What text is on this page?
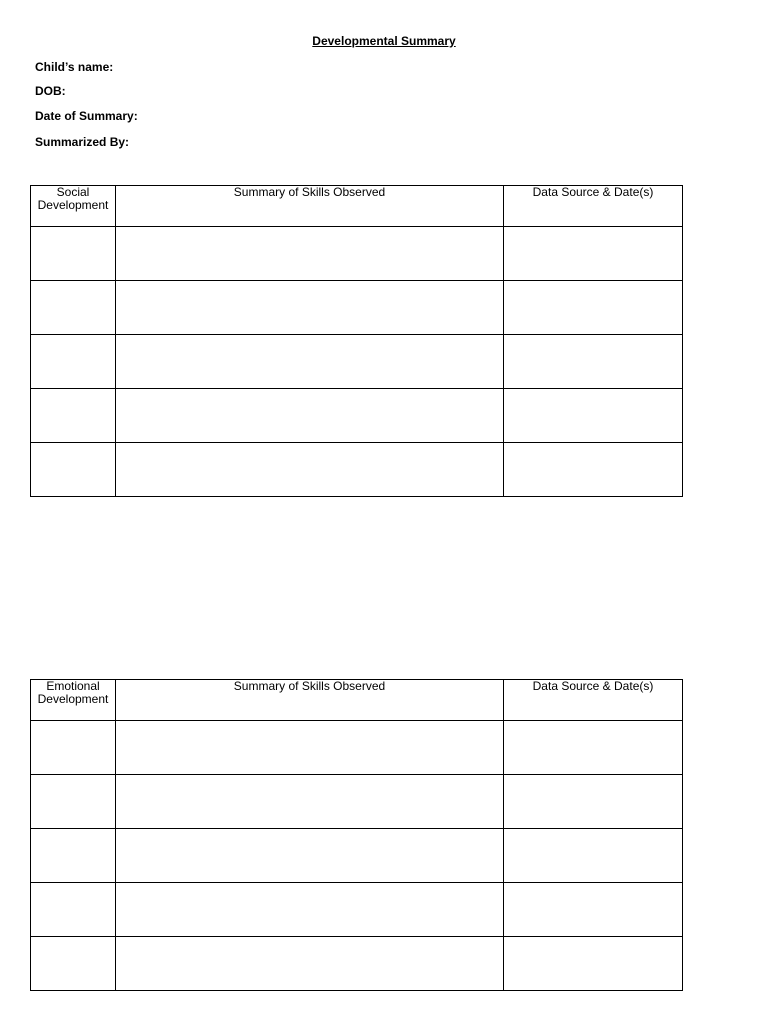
Developmental Summary
Child’s name:
DOB:
Date of Summary:
Summarized By:
Social Development	Summary of Skills Observed	Data Source & Date(s)

Emotional Development	Summary of Skills Observed	Data Source & Date(s)
